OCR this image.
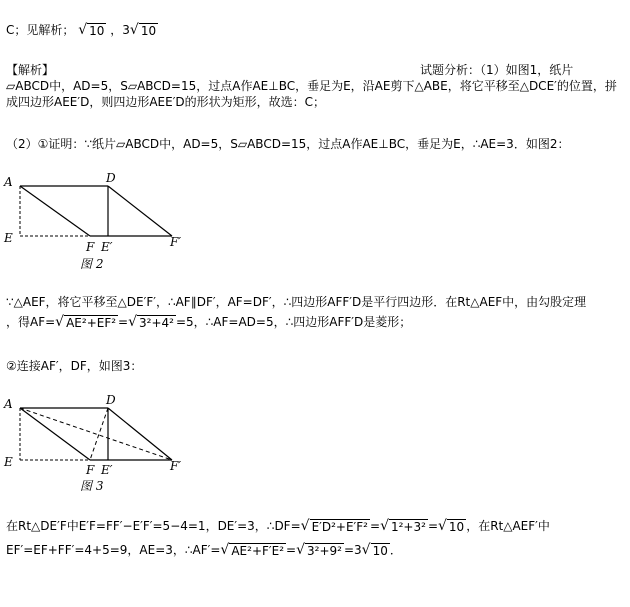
C；见解析； √ 10 ，3 √ 10
【解析】	试题分析：（1）如图1，纸片
▱ABCD中，AD=5，S▱ABCD=15，过点A作AE⊥BC，垂足为E，沿AE剪下△ABE，将它平移至△DCE′的位置，拼
成四边形AEE′D，则四边形AEE′D的形状为矩形，故选：C；
（2）①证明：∵纸片▱ABCD中，AD=5，S▱ABCD=15，过点A作AE⊥BC，垂足为E，∴AE=3．如图2：
A	D
E
F E′	F′
图 2
∵△AEF，将它平移至△DE′F′，∴AF∥DF′，AF=DF′，∴四边形AFF′D是平行四边形．在Rt△AEF中，由勾股定理
，得AF= √ AE²+EF² = √ 3²+4² =5，∴AF=AD=5，∴四边形AFF′D是菱形；
②连接AF′，DF，如图3：
A	D
E
F E′	F′
图 3
在Rt△DE′F中E′F=FF′−E′F′=5−4=1，DE′=3，∴DF= √ E′D²+E′F² = √ 1²+3² = √ 10 ，在Rt△AEF′中
EF′=EF+FF′=4+5=9，AE=3，∴AF′= √ AE²+F′E² = √ 3²+9² =3 √ 10 ．
